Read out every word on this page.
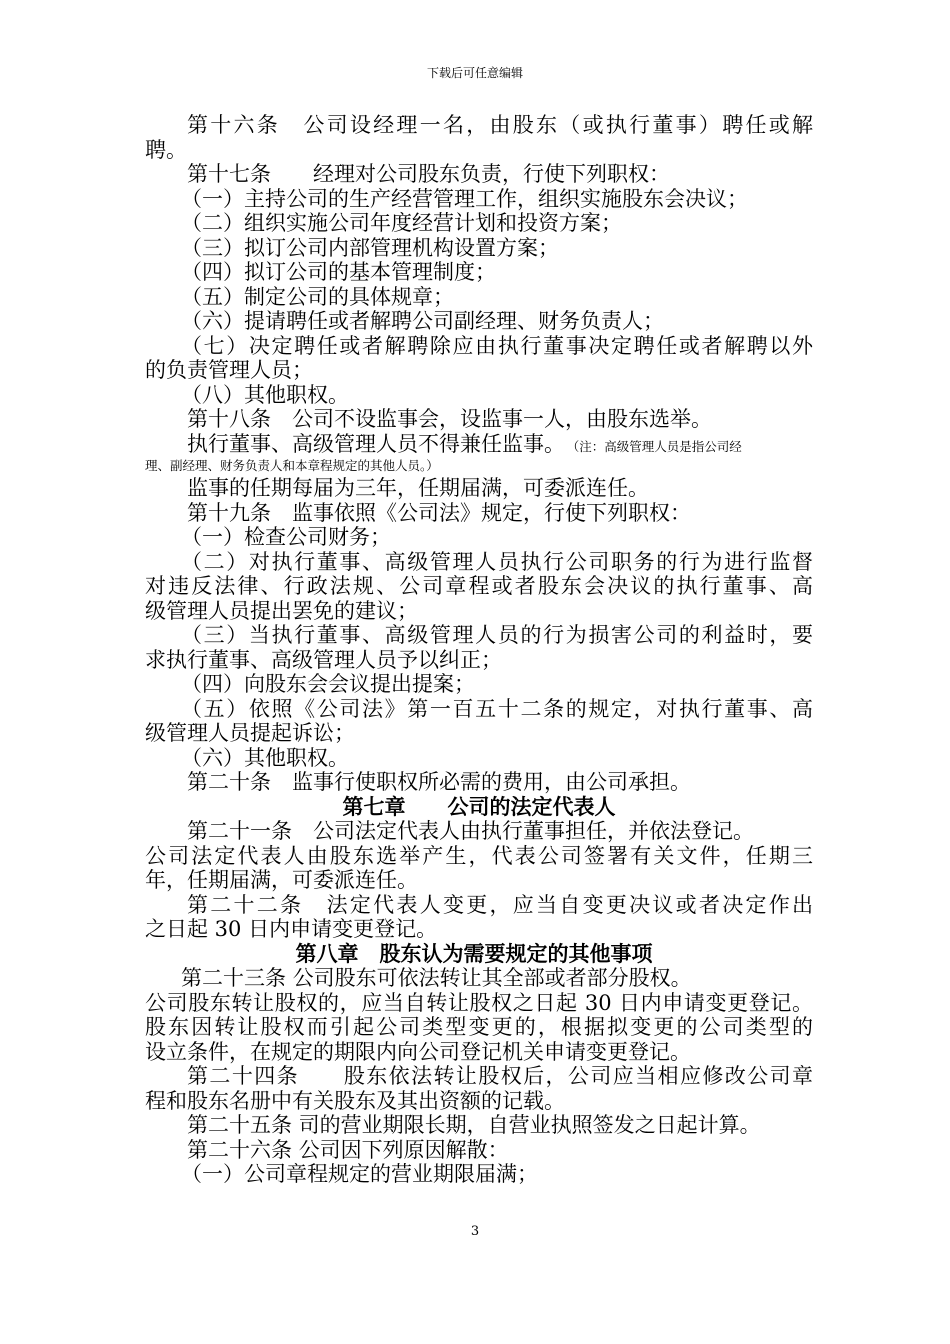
下载后可任意编辑
第十六条　公司设经理一名，由股东（或执行董事）聘任或解
聘。
第十七条　　经理对公司股东负责，行使下列职权：
（一）主持公司的生产经营管理工作，组织实施股东会决议；
（二）组织实施公司年度经营计划和投资方案；
（三）拟订公司内部管理机构设置方案；
（四）拟订公司的基本管理制度；
（五）制定公司的具体规章；
（六）提请聘任或者解聘公司副经理、财务负责人；
（七）决定聘任或者解聘除应由执行董事决定聘任或者解聘以外
的负责管理人员；
（八）其他职权。
第十八条　公司不设监事会，设监事一人，由股东选举。
执行董事、高级管理人员不得兼任监事。 （注：高级管理人员是指公司经
理、副经理、财务负责人和本章程规定的其他人员。）
监事的任期每届为三年，任期届满，可委派连任。
第十九条　监事依照《公司法》规定，行使下列职权：
（一）检查公司财务；
（二）对执行董事、高级管理人员执行公司职务的行为进行监督
对违反法律、行政法规、公司章程或者股东会决议的执行董事、高
级管理人员提出罢免的建议；
（三）当执行董事、高级管理人员的行为损害公司的利益时，要
求执行董事、高级管理人员予以纠正；
（四）向股东会会议提出提案；
（五）依照《公司法》第一百五十二条的规定，对执行董事、高
级管理人员提起诉讼；
（六）其他职权。
第二十条　监事行使职权所必需的费用，由公司承担。
第七章　　公司的法定代表人
第二十一条　公司法定代表人由执行董事担任，并依法登记。
公司法定代表人由股东选举产生，代表公司签署有关文件，任期三
年，任期届满，可委派连任。
第二十二条　法定代表人变更，应当自变更决议或者决定作出
之日起 30 日内申请变更登记。
第八章　股东认为需要规定的其他事项
第二十三条 公司股东可依法转让其全部或者部分股权。
公司股东转让股权的，应当自转让股权之日起 30 日内申请变更登记。
股东因转让股权而引起公司类型变更的，根据拟变更的公司类型的
设立条件，在规定的期限内向公司登记机关申请变更登记。
第二十四条　　股东依法转让股权后，公司应当相应修改公司章
程和股东名册中有关股东及其出资额的记载。
第二十五条 司的营业期限长期，自营业执照签发之日起计算。
第二十六条 公司因下列原因解散：
（一）公司章程规定的营业期限届满；
3
